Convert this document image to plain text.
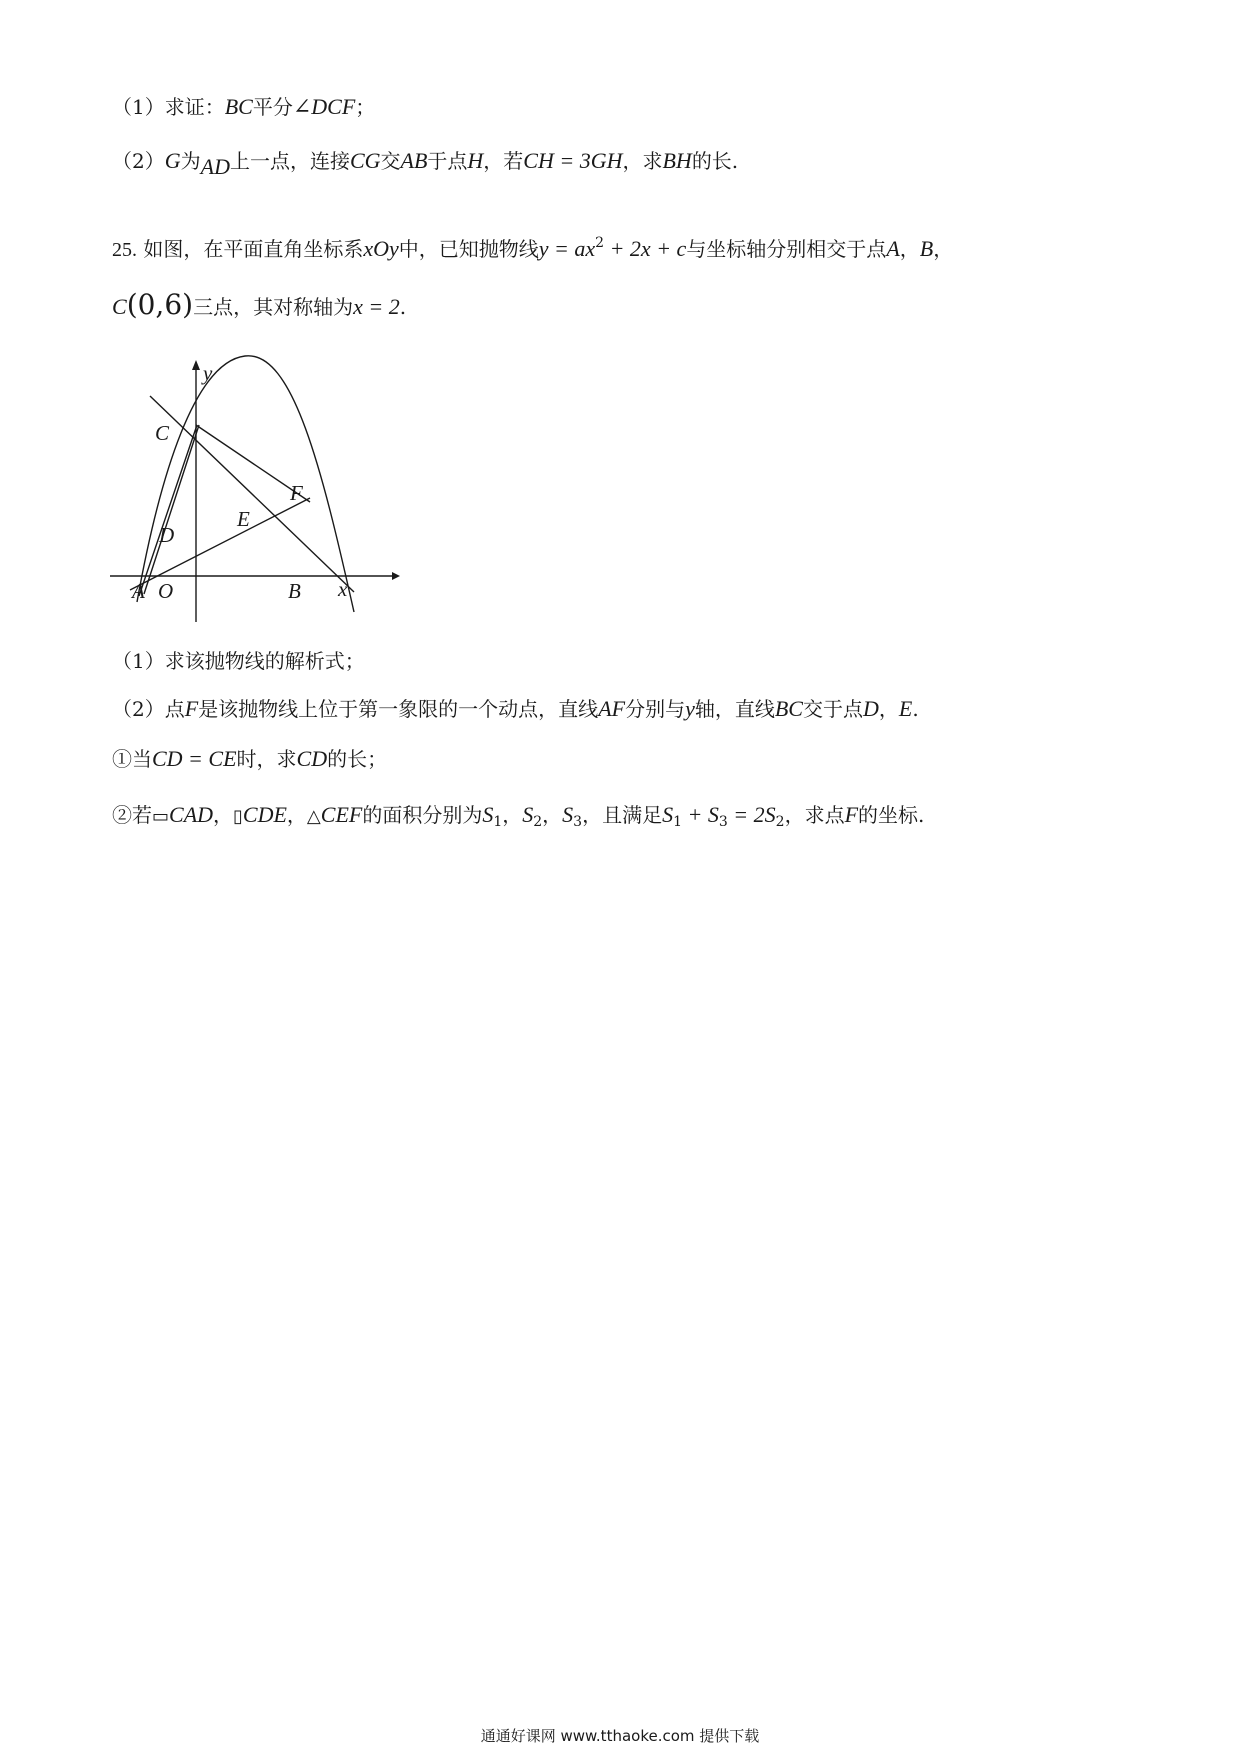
（1）求证：BC平分∠DCF；
（2）G为AD上一点，连接CG交AB于点H，若CH = 3GH，求BH的长.
25. 如图，在平面直角坐标系xOy中，已知抛物线$y = ax^2 + 2x + c$与坐标轴分别相交于点A，B，
C(0,6)三点，其对称轴为x = 2.
y
C
F
E
D
A O	B x
（1）求该抛物线的解析式；
（2）点F是该抛物线上位于第一象限的一个动点，直线AF分别与y轴，直线BC交于点D，E.
①当CD = CE时，求CD的长；
②若▭CAD，▯CDE，△CEF的面积分别为$S_1$，$S_2$，$S_3$，且满足$S_1 + S_3 = 2S_2$，求点F的坐标.
通通好课网 www.tthaoke.com 提供下载
